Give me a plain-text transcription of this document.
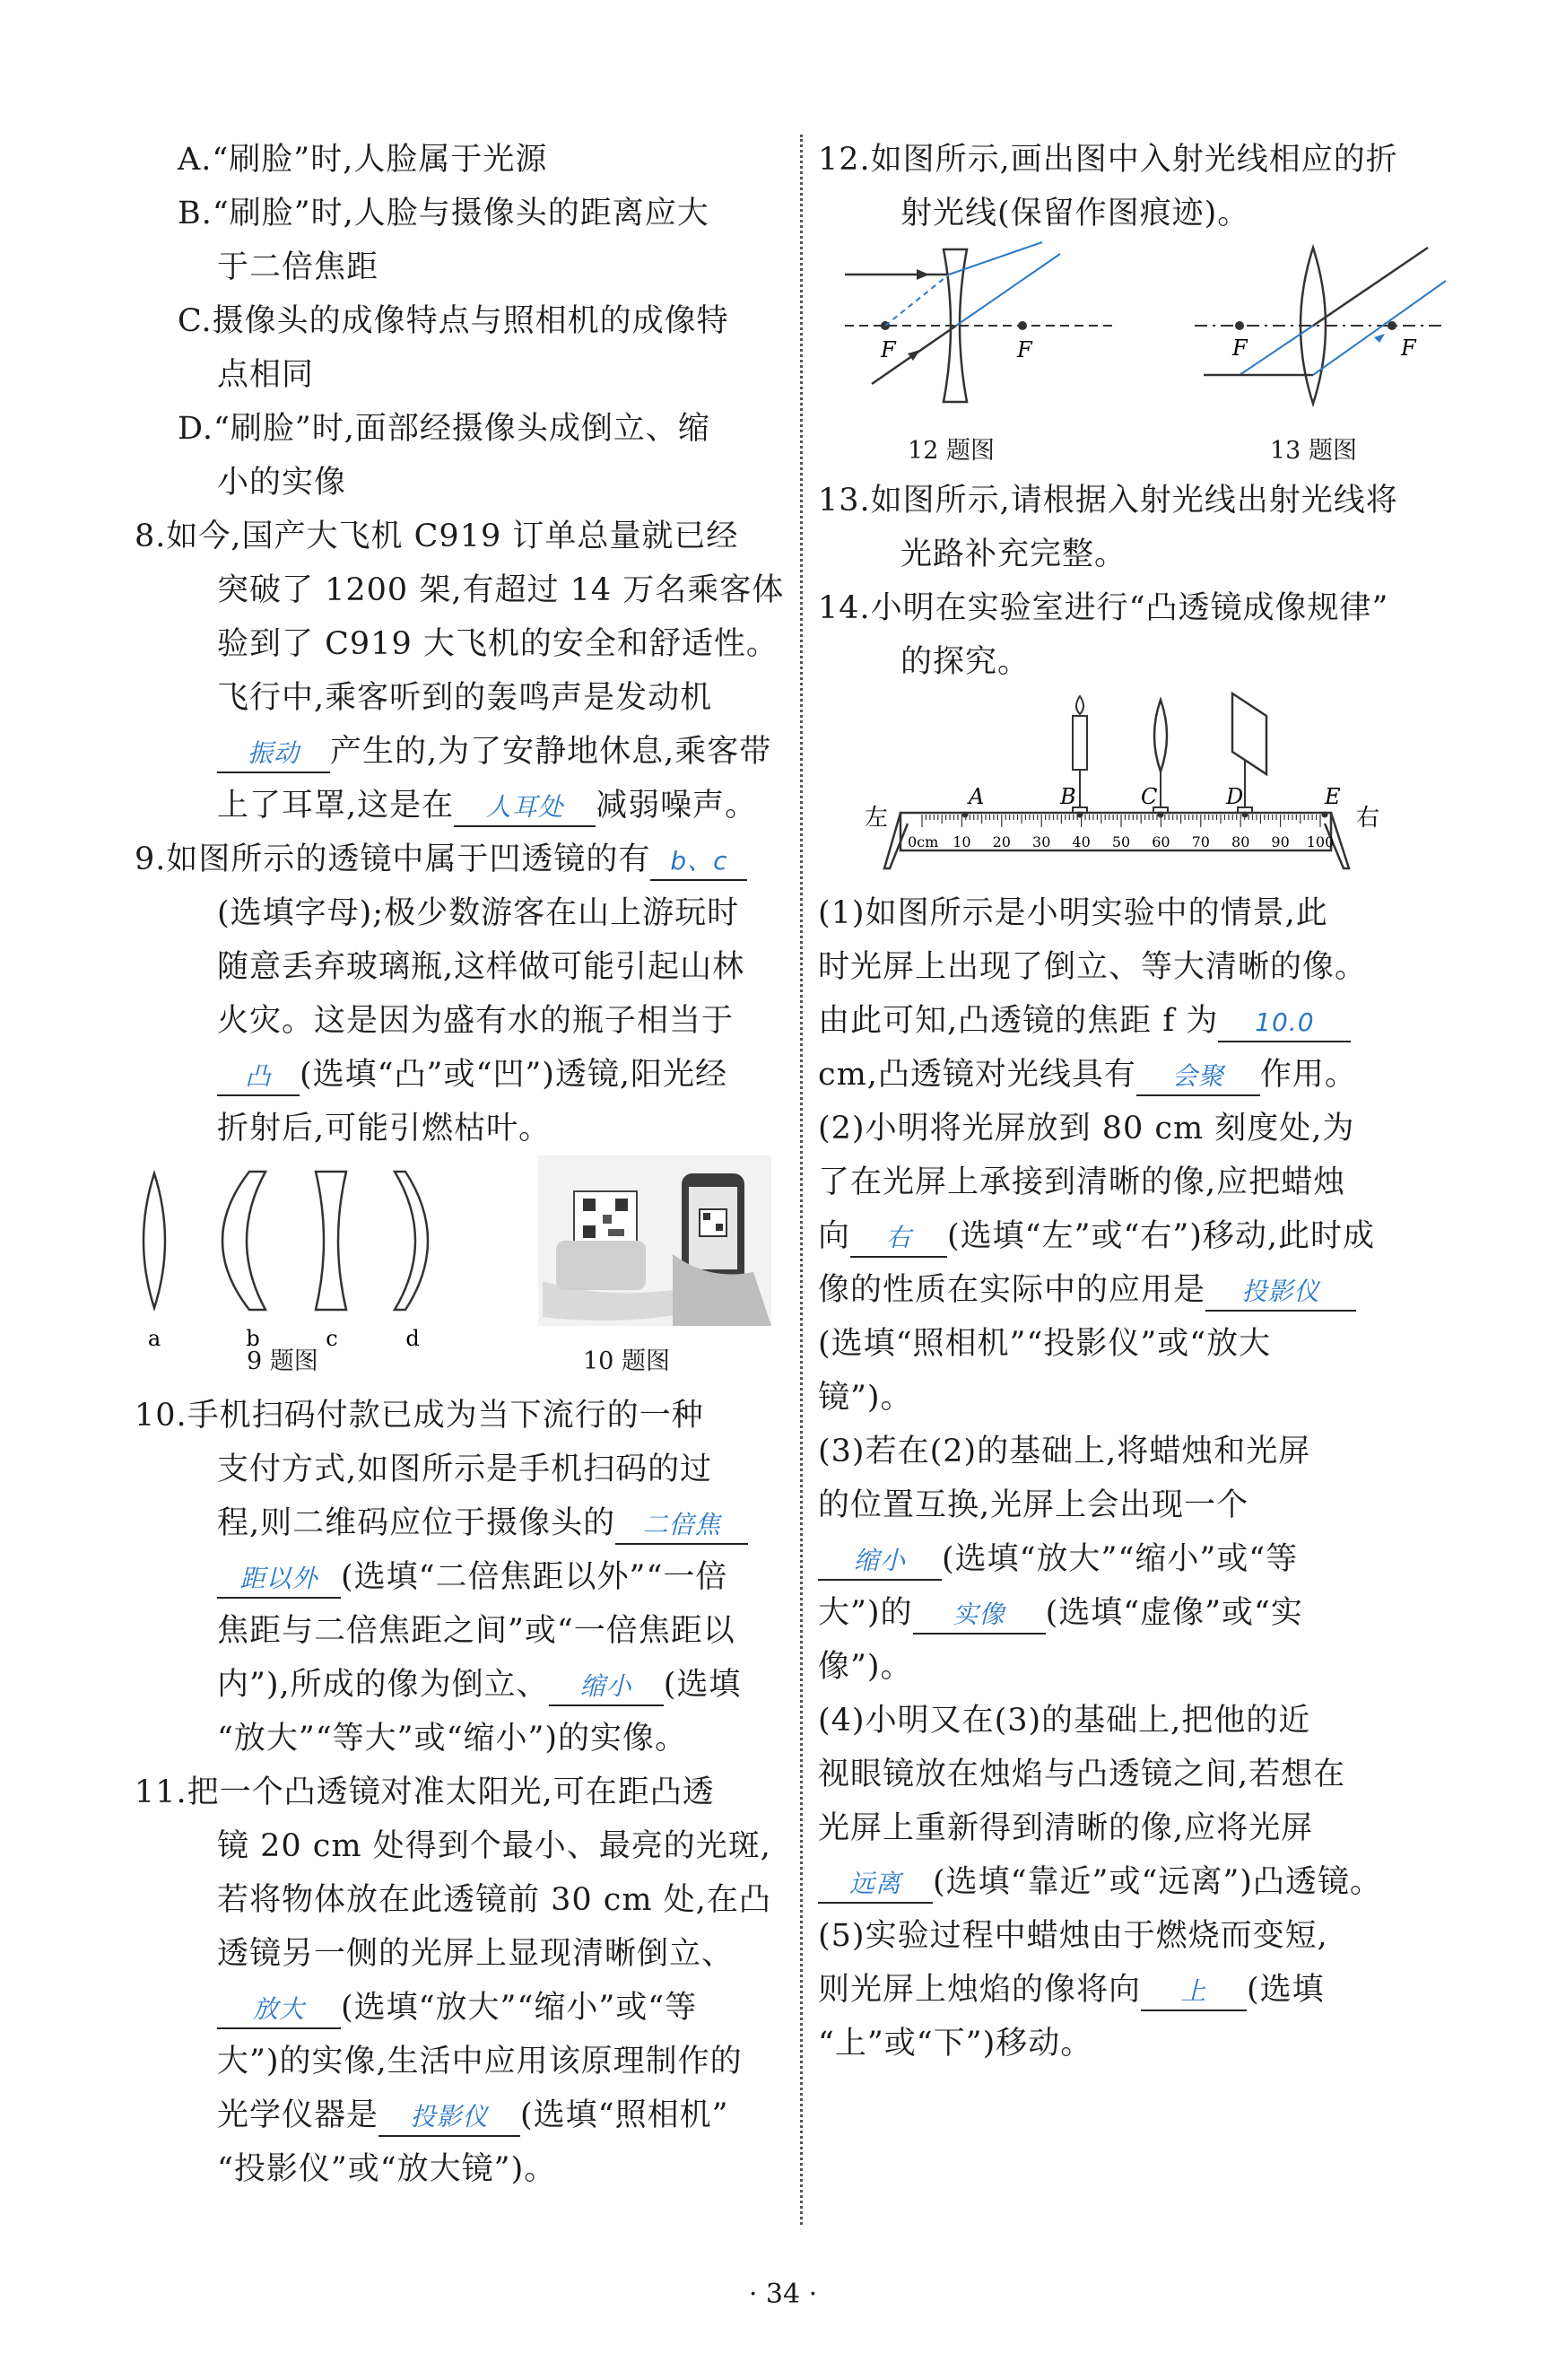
A.“刷脸”时,人脸属于光源
B.“刷脸”时,人脸与摄像头的距离应大
于二倍焦距
C.摄像头的成像特点与照相机的成像特
点相同
D.“刷脸”时,面部经摄像头成倒立、缩
小的实像
8.如今,国产大飞机 C919 订单总量就已经
突破了 1200 架,有超过 14 万名乘客体
验到了 C919 大飞机的安全和舒适性。
飞行中,乘客听到的轰鸣声是发动机
振动 产生的,为了安静地休息,乘客带
上了耳罩,这是在 人耳处 减弱噪声。
9.如图所示的透镜中属于凹透镜的有 b、c
(选填字母);极少数游客在山上游玩时
随意丢弃玻璃瓶,这样做可能引起山林
火灾。这是因为盛有水的瓶子相当于
凸 (选填“凸”或“凹”)透镜,阳光经
折射后,可能引燃枯叶。
a	b	c	d
9 题图	10 题图
10.手机扫码付款已成为当下流行的一种
支付方式,如图所示是手机扫码的过
程,则二维码应位于摄像头的 二倍焦
距以外 (选填“二倍焦距以外”“一倍
焦距与二倍焦距之间”或“一倍焦距以
内”),所成的像为倒立、 缩小 (选填
“放大”“等大”或“缩小”)的实像。
11.把一个凸透镜对准太阳光,可在距凸透
镜 20 cm 处得到个最小、最亮的光斑,
若将物体放在此透镜前 30 cm 处,在凸
透镜另一侧的光屏上显现清晰倒立、
放大 (选填“放大”“缩小”或“等
大”)的实像,生活中应用该原理制作的
光学仪器是 投影仪 (选填“照相机”
“投影仪”或“放大镜”)。
12.如图所示,画出图中入射光线相应的折
射光线(保留作图痕迹)。
F	F	F	F
12 题图	13 题图
13.如图所示,请根据入射光线出射光线将
光路补充完整。
14.小明在实验室进行“凸透镜成像规律”
的探究。
A	B	C	D	E
左	右
0cm 10 20 30 40 50 60 70 80 90 100
(1)如图所示是小明实验中的情景,此
时光屏上出现了倒立、等大清晰的像。
由此可知,凸透镜的焦距 f 为 10.0
cm,凸透镜对光线具有 会聚 作用。
(2)小明将光屏放到 80 cm 刻度处,为
了在光屏上承接到清晰的像,应把蜡烛
向 右 (选填“左”或“右”)移动,此时成
像的性质在实际中的应用是 投影仪
(选填“照相机”“投影仪”或“放大
镜”)。
(3)若在(2)的基础上,将蜡烛和光屏
的位置互换,光屏上会出现一个
缩小 (选填“放大”“缩小”或“等
大”)的 实像 (选填“虚像”或“实
像”)。
(4)小明又在(3)的基础上,把他的近
视眼镜放在烛焰与凸透镜之间,若想在
光屏上重新得到清晰的像,应将光屏
远离 (选填“靠近”或“远离”)凸透镜。
(5)实验过程中蜡烛由于燃烧而变短,
则光屏上烛焰的像将向 上 (选填
“上”或“下”)移动。
· 34 ·
